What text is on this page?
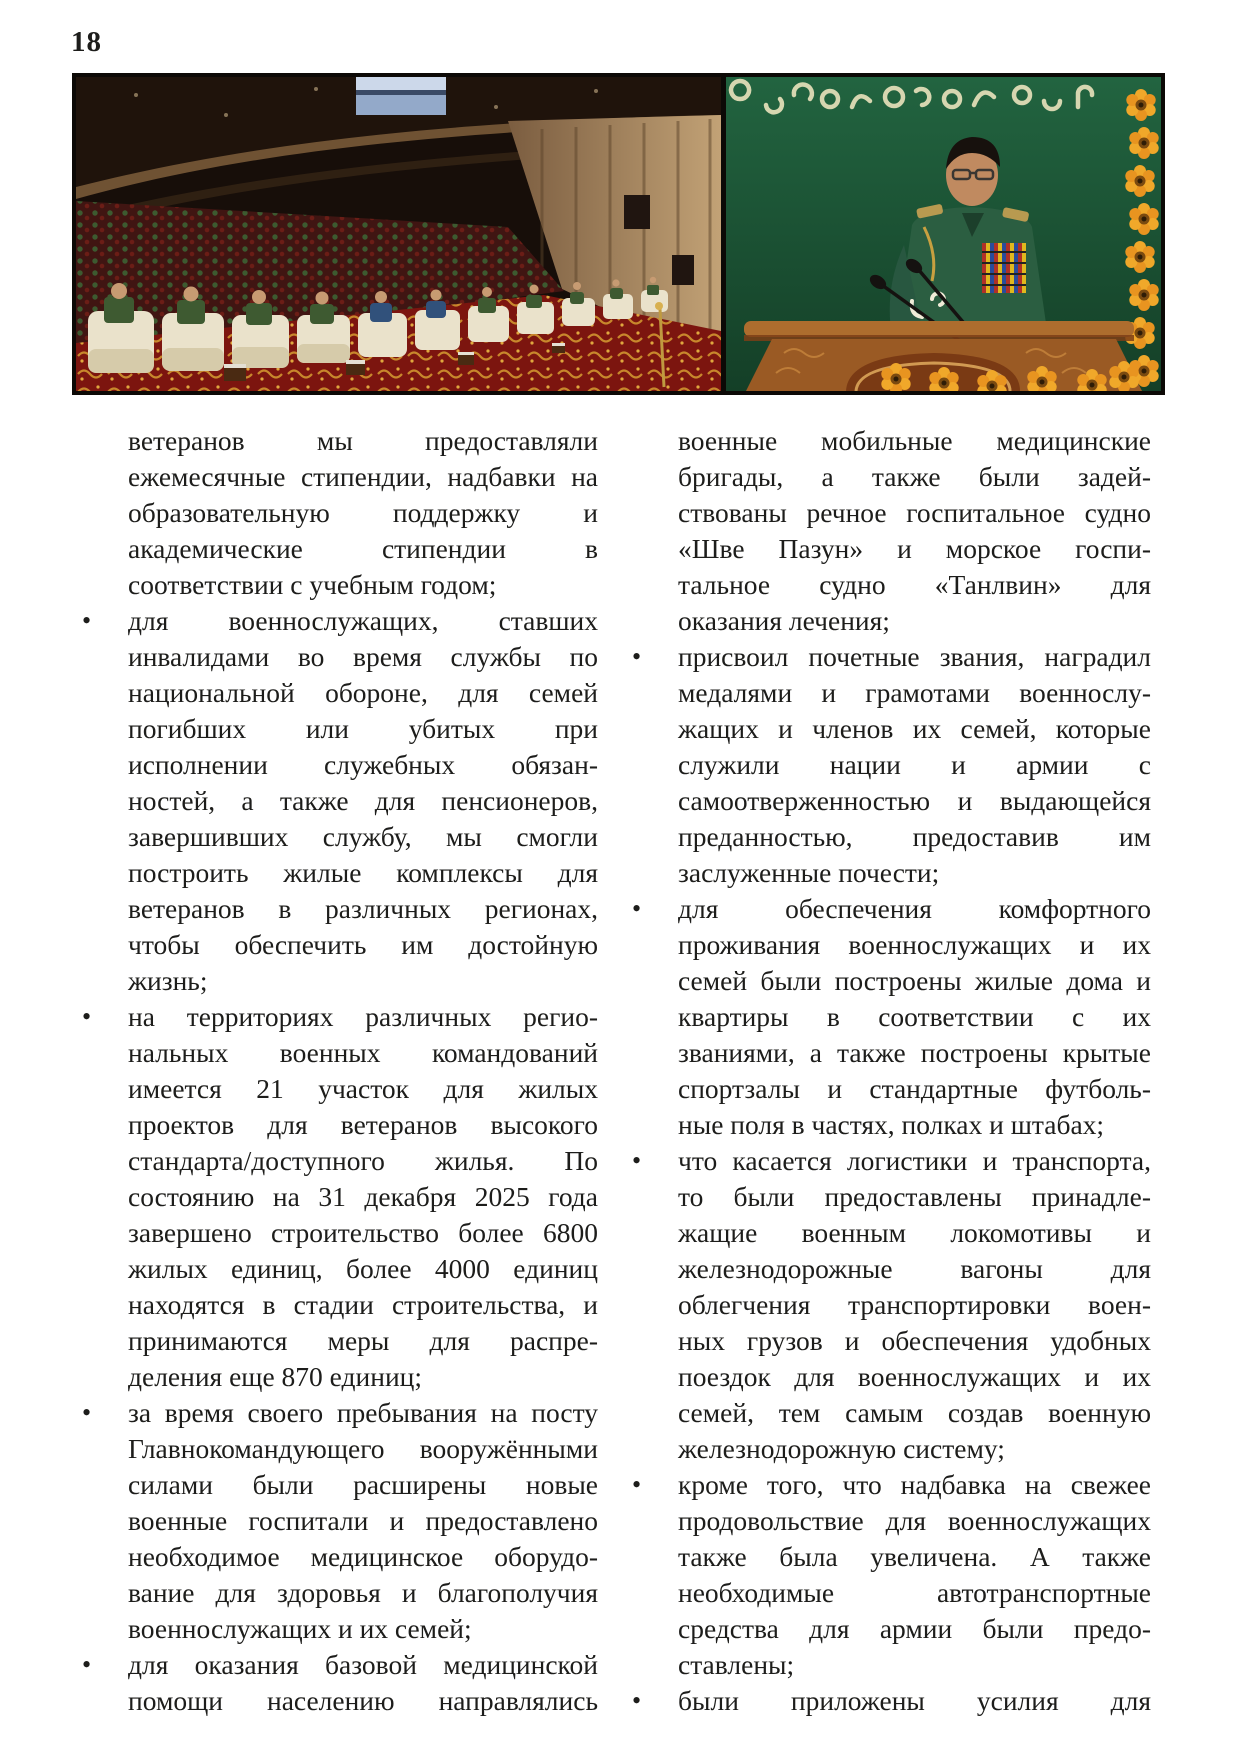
18
ветеранов мы предоставляли
ежемесячные стипендии, надбавки на
образовательную поддержку и
академические стипендии в
соответствии с учебным годом;
• для военнослужащих, ставших
инвалидами во время службы по
национальной обороне, для семей
погибших или убитых при
исполнении служебных обязан-
ностей, а также для пенсионеров,
завершивших службу, мы смогли
построить жилые комплексы для
ветеранов в различных регионах,
чтобы обеспечить им достойную
жизнь;
• на территориях различных регио-
нальных военных командований
имеется 21 участок для жилых
проектов для ветеранов высокого
стандарта/доступного жилья. По
состоянию на 31 декабря 2025 года
завершено строительство более 6800
жилых единиц, более 4000 единиц
находятся в стадии строительства, и
принимаются меры для распре-
деления еще 870 единиц;
• за время своего пребывания на посту
Главнокомандующего вооружёнными
силами были расширены новые
военные госпитали и предоставлено
необходимое медицинское оборудо-
вание для здоровья и благополучия
военнослужащих и их семей;
• для оказания базовой медицинской
помощи населению направлялись
военные мобильные медицинские
бригады, а также были задей-
ствованы речное госпитальное судно
«Шве Пазун» и морское госпи-
тальное судно «Танлвин» для
оказания лечения;
• присвоил почетные звания, наградил
медалями и грамотами военнослу-
жащих и членов их семей, которые
служили нации и армии с
самоотверженностью и выдающейся
преданностью, предоставив им
заслуженные почести;
• для обеспечения комфортного
проживания военнослужащих и их
семей были построены жилые дома и
квартиры в соответствии с их
званиями, а также построены крытые
спортзалы и стандартные футболь-
ные поля в частях, полках и штабах;
• что касается логистики и транспорта,
то были предоставлены принадле-
жащие военным локомотивы и
железнодорожные вагоны для
облегчения транспортировки воен-
ных грузов и обеспечения удобных
поездок для военнослужащих и их
семей, тем самым создав военную
железнодорожную систему;
• кроме того, что надбавка на свежее
продовольствие для военнослужащих
также была увеличена. А также
необходимые автотранспортные
средства для армии были предо-
ставлены;
• были приложены усилия для
